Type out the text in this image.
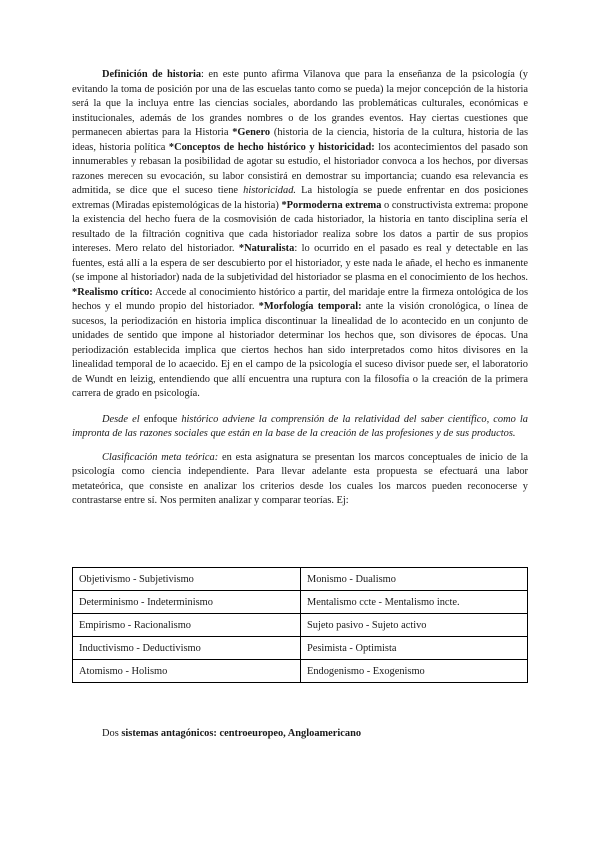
Definición de historia: en este punto afirma Vilanova que para la enseñanza de la psicología (y evitando la toma de posición por una de las escuelas tanto como se pueda) la mejor concepción de la historia será la que la incluya entre las ciencias sociales, abordando las problemáticas culturales, económicas e institucionales, además de los grandes nombres o de los grandes eventos. Hay ciertas cuestiones que permanecen abiertas para la Historia *Genero (historia de la ciencia, historia de la cultura, historia de las ideas, historia política *Conceptos de hecho histórico y historicidad: los acontecimientos del pasado son innumerables y rebasan la posibilidad de agotar su estudio, el historiador convoca a los hechos, por diversas razones merecen su evocación, su labor consistirá en demostrar su importancia; cuando esa relevancia es admitida, se dice que el suceso tiene historicidad. La histología se puede enfrentar en dos posiciones extremas (Miradas epistemológicas de la historia) *Pormoderna extrema o constructivista extrema: propone la existencia del hecho fuera de la cosmovisión de cada historiador, la historia en tanto disciplina sería el resultado de la filtración cognitiva que cada historiador realiza sobre los datos a partir de sus propios intereses. Mero relato del historiador. *Naturalista: lo ocurrido en el pasado es real y detectable en las fuentes, está allí a la espera de ser descubierto por el historiador, y este nada le añade, el hecho es inmanente (se impone al historiador) nada de la subjetividad del historiador se plasma en el conocimiento de los hechos. *Realismo crítico: Accede al conocimiento histórico a partir, del maridaje entre la firmeza ontológica de los hechos y el mundo propio del historiador. *Morfología temporal: ante la visión cronológica, o línea de sucesos, la periodización en historia implica discontinuar la linealidad de lo acontecido en un conjunto de unidades de sentido que impone al historiador determinar los hechos que, son divisores de épocas. Una periodización establecida implica que ciertos hechos han sido interpretados como hitos divisores en la linealidad temporal de lo acaecido. Ej en el campo de la psicología el suceso divisor puede ser, el laboratorio de Wundt en leizig, entendiendo que allí encuentra una ruptura con la filosofía o la creación de la primera carrera de grado en psicología.

Desde el enfoque histórico adviene la comprensión de la relatividad del saber científico, como la impronta de las razones sociales que están en la base de la creación de las profesiones y de sus productos.

Clasificación meta teórica: en esta asignatura se presentan los marcos conceptuales de inicio de la psicología como ciencia independiente. Para llevar adelante esta propuesta se efectuará una labor metateórica, que consiste en analizar los criterios desde los cuales los marcos pueden reconocerse y contrastarse entre sí. Nos permiten analizar y comparar teorías. Ej:

Objetivismo - Subjetivismo	Monismo - Dualismo
Determinismo - Indeterminismo	Mentalismo ccte - Mentalismo incte.
Empirismo - Racionalismo	Sujeto pasivo - Sujeto activo
Inductivismo - Deductivismo	Pesimista - Optimista
Atomismo - Holismo	Endogenismo - Exogenismo
Dos sistemas antagónicos: centroeuropeo, Angloamericano
